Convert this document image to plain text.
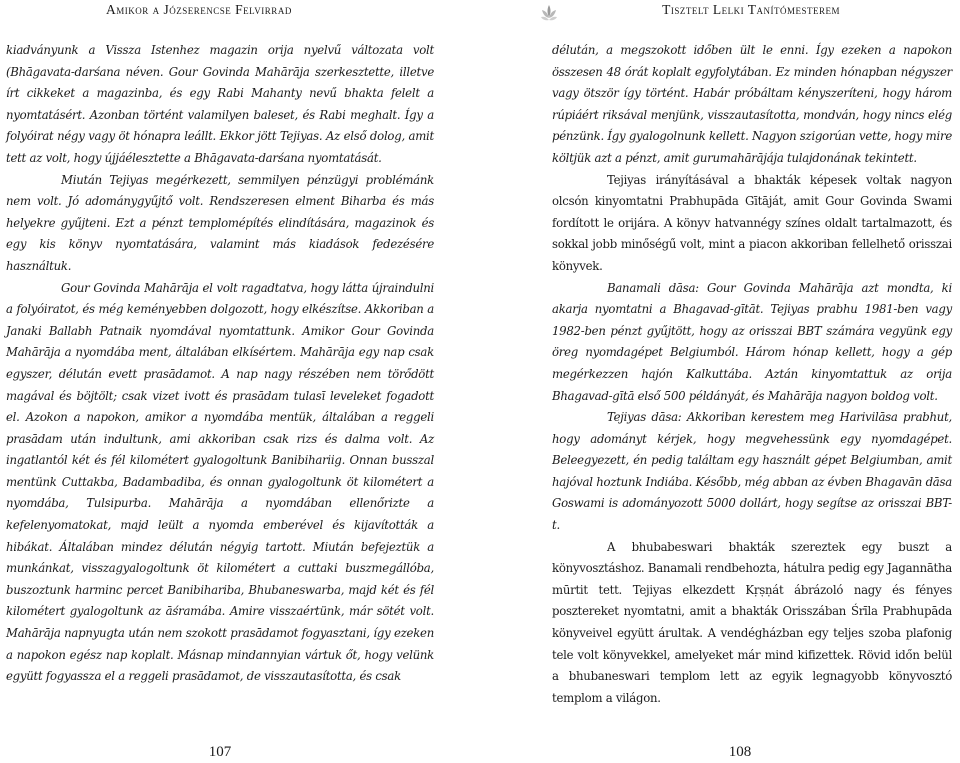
Amikor a Józserencse Felvirrad

kiadványunk a Vissza Istenhez magazin orija nyelvű változata volt (Bhāgavata-darśana néven. Gour Govinda Mahārāja szerkesztette, illetve írt cikkeket a magazinba, és egy Rabi Mahanty nevű bhakta felelt a nyomtatásért. Azonban történt valamilyen baleset, és Rabi meghalt. Így a folyóirat négy vagy öt hónapra leállt. Ekkor jött Tejiyas. Az első dolog, amit tett az volt, hogy újjáélesztette a Bhāgavata-darśana nyomtatását.

Miután Tejiyas megérkezett, semmilyen pénzügyi problémánk nem volt. Jó adománygyűjtő volt. Rendszeresen elment Biharba és más helyekre gyűjteni. Ezt a pénzt templomépítés elindítására, magazinok és egy kis könyv nyomtatására, valamint más kiadások fedezésére használtuk.

Gour Govinda Mahārāja el volt ragadtatva, hogy látta újraindulni a folyóiratot, és még keményebben dolgozott, hogy elkészítse. Akkoriban a Janaki Ballabh Patnaik nyomdával nyomtattunk. Amikor Gour Govinda Mahārāja a nyomdába ment, általában elkísértem. Mahārāja egy nap csak egyszer, délután evett prasādamot. A nap nagy részében nem törődött magával és böjtölt; csak vizet ivott és prasādam tulasī leveleket fogadott el. Azokon a napokon, amikor a nyomdába mentük, általában a reggeli prasādam után indultunk, ami akkoriban csak rizs és dalma volt. Az ingatlantól két és fél kilométert gyalogoltunk Banibihariig. Onnan busszal mentünk Cuttakba, Badambadiba, és onnan gyalogoltunk öt kilométert a nyomdába, Tulsipurba. Mahārāja a nyomdában ellenőrizte a kefelenyomatokat, majd leült a nyomda emberével és kijavították a hibákat. Általában mindez délután négyig tartott. Miután befejeztük a munkánkat, visszagyalogoltunk öt kilométert a cuttaki buszmegállóba, buszoztunk harminc percet Banibihariba, Bhubaneswarba, majd két és fél kilométert gyalogoltunk az āśramába. Amire visszaértünk, már sötét volt. Mahārāja napnyugta után nem szokott prasādamot fogyasztani, így ezeken a napokon egész nap koplalt. Másnap mindannyian vártuk őt, hogy velünk együtt fogyassza el a reggeli prasādamot, de visszautasította, és csak

107
Tisztelt Lelki Tanítómesterem

délután, a megszokott időben ült le enni. Így ezeken a napokon összesen 48 órát koplalt egyfolytában. Ez minden hónapban négyszer vagy ötször így történt. Habár próbáltam kényszeríteni, hogy három rúpiáért riksával menjünk, visszautasította, mondván, hogy nincs elég pénzünk. Így gyalogolnunk kellett. Nagyon szigorúan vette, hogy mire költjük azt a pénzt, amit gurumahārājája tulajdonának tekintett.

Tejiyas irányításával a bhakták képesek voltak nagyon olcsón kinyomtatni Prabhupāda Gītāját, amit Gour Govinda Swami fordított le orijára. A könyv hatvannégy színes oldalt tartalmazott, és sokkal jobb minőségű volt, mint a piacon akkoriban fellelhető orisszai könyvek.

Banamali dāsa: Gour Govinda Mahārāja azt mondta, ki akarja nyomtatni a Bhagavad-gītāt. Tejiyas prabhu 1981-ben vagy 1982-ben pénzt gyűjtött, hogy az orisszai BBT számára vegyünk egy öreg nyomdagépet Belgiumból. Három hónap kellett, hogy a gép megérkezzen hajón Kalkuttába. Aztán kinyomtattuk az orija Bhagavad-gītā első 500 példányát, és Mahārāja nagyon boldog volt.

Tejiyas dāsa: Akkoriban kerestem meg Harivilāsa prabhut, hogy adományt kérjek, hogy megvehessünk egy nyomdagépet. Beleegyezett, én pedig találtam egy használt gépet Belgiumban, amit hajóval hoztunk Indiába. Később, még abban az évben Bhagavān dāsa Goswami is adományozott 5000 dollárt, hogy segítse az orisszai BBT-t.

A bhubabeswari bhakták szereztek egy buszt a könyvosztáshoz. Banamali rendbehozta, hátulra pedig egy Jagannātha mūrtit tett. Tejiyas elkezdett Kṛṣṇát ábrázoló nagy és fényes posztereket nyomtatni, amit a bhakták Orisszában Śrīla Prabhupāda könyveivel együtt árultak. A vendégházban egy teljes szoba plafonig tele volt könyvekkel, amelyeket már mind kifizettek. Rövid időn belül a bhubaneswari templom lett az egyik legnagyobb könyvosztó templom a világon.

108
